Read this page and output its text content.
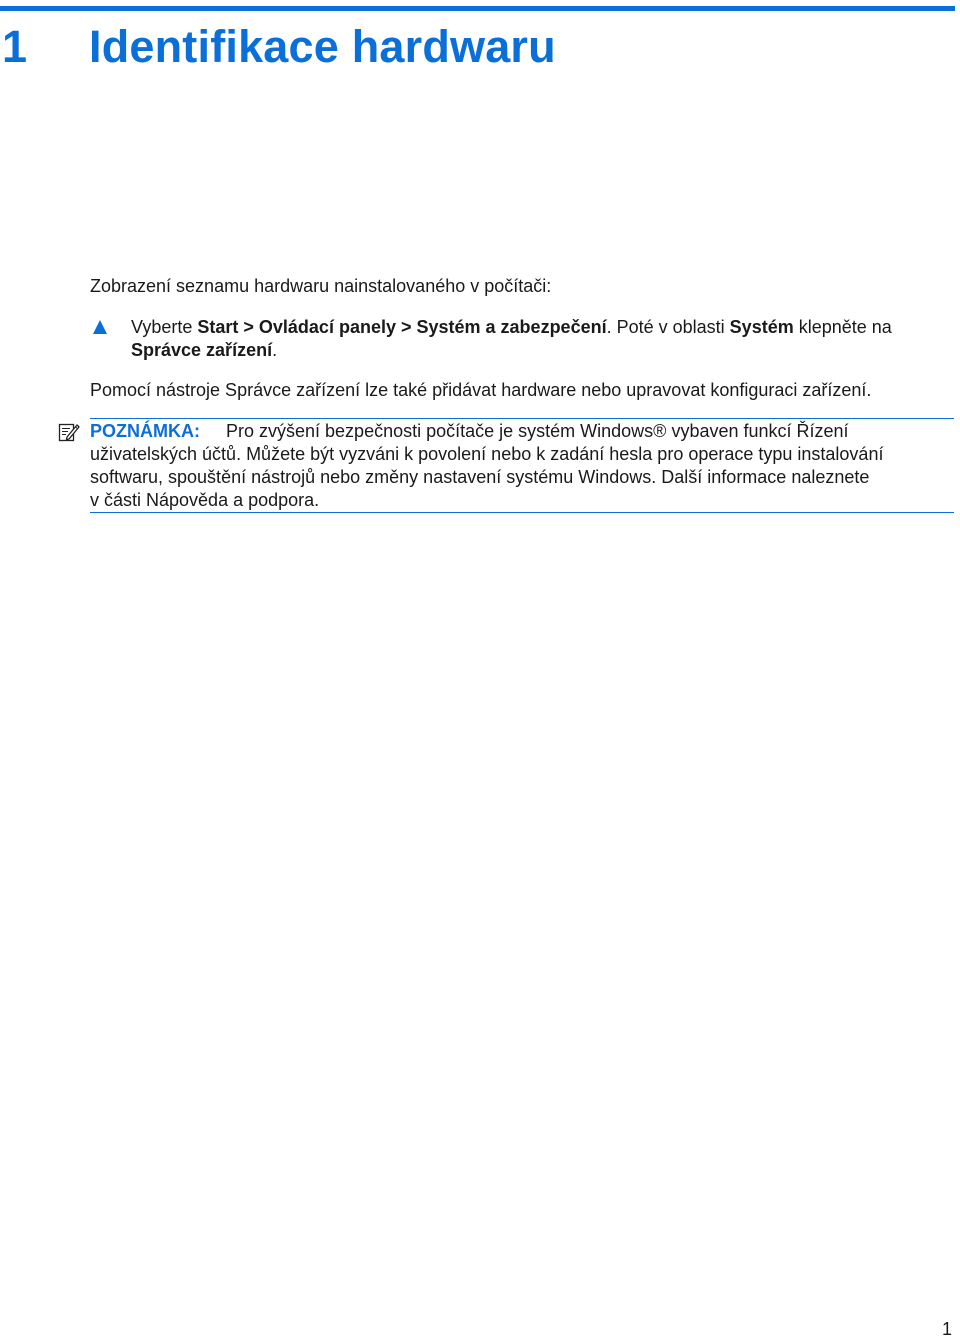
1 Identifikace hardwaru
Zobrazení seznamu hardwaru nainstalovaného v počítači:
Vyberte Start > Ovládací panely > Systém a zabezpečení. Poté v oblasti Systém klepněte na
Správce zařízení.
Pomocí nástroje Správce zařízení lze také přidávat hardware nebo upravovat konfiguraci zařízení.
POZNÁMKA: Pro zvýšení bezpečnosti počítače je systém Windows® vybaven funkcí Řízení
uživatelských účtů. Můžete být vyzváni k povolení nebo k zadání hesla pro operace typu instalování
softwaru, spouštění nástrojů nebo změny nastavení systému Windows. Další informace naleznete
v části Nápověda a podpora.
1
